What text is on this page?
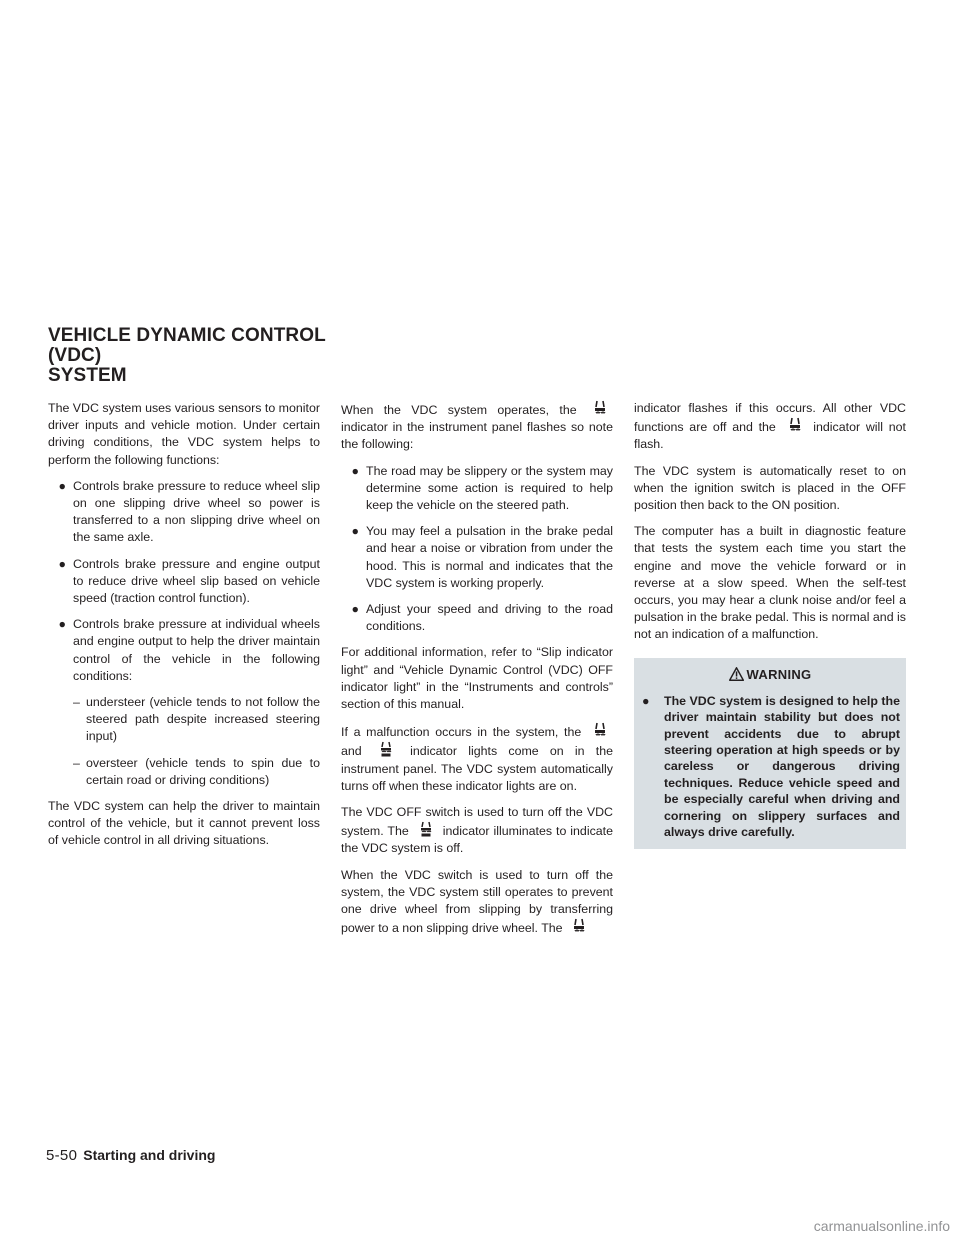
VEHICLE DYNAMIC CONTROL (VDC)
SYSTEM

The VDC system uses various sensors to monitor driver inputs and vehicle motion. Under certain driving conditions, the VDC system helps to perform the following functions:

● Controls brake pressure to reduce wheel slip on one slipping drive wheel so power is transferred to a non slipping drive wheel on the same axle.
● Controls brake pressure and engine output to reduce drive wheel slip based on vehicle speed (traction control function).
● Controls brake pressure at individual wheels and engine output to help the driver maintain control of the vehicle in the following conditions:
– understeer (vehicle tends to not follow the steered path despite increased steering input)
– oversteer (vehicle tends to spin due to certain road or driving conditions)

The VDC system can help the driver to maintain control of the vehicle, but it cannot prevent loss of vehicle control in all driving situations.

When the VDC system operates, the  indicator in the instrument panel flashes so note the following:

● The road may be slippery or the system may determine some action is required to help keep the vehicle on the steered path.
● You may feel a pulsation in the brake pedal and hear a noise or vibration from under the hood. This is normal and indicates that the VDC system is working properly.
● Adjust your speed and driving to the road conditions.

For additional information, refer to “Slip indicator light” and “Vehicle Dynamic Control (VDC) OFF indicator light” in the “Instruments and controls” section of this manual.

If a malfunction occurs in the system, the  and	indicator lights come on in the instrument panel. The VDC system automatically turns off when these indicator lights are on.

The VDC OFF switch is used to turn off the VDC system. The	indicator illuminates to indicate the VDC system is off.

When the VDC switch is used to turn off the system, the VDC system still operates to prevent one drive wheel from slipping by transferring power to a non slipping drive wheel. The

indicator flashes if this occurs. All other VDC functions are off and the	indicator will not flash.

The VDC system is automatically reset to on when the ignition switch is placed in the OFF position then back to the ON position.

The computer has a built in diagnostic feature that tests the system each time you start the engine and move the vehicle forward or in reverse at a slow speed. When the self-test occurs, you may hear a clunk noise and/or feel a pulsation in the brake pedal. This is normal and is not an indication of a malfunction.

WARNING
●	The VDC system is designed to help the driver maintain stability but does not prevent accidents due to abrupt steering operation at high speeds or by careless or dangerous driving techniques. Reduce vehicle speed and be especially careful when driving and cornering on slippery surfaces and always drive carefully.
5-50 Starting and driving
carmanualsonline.info
